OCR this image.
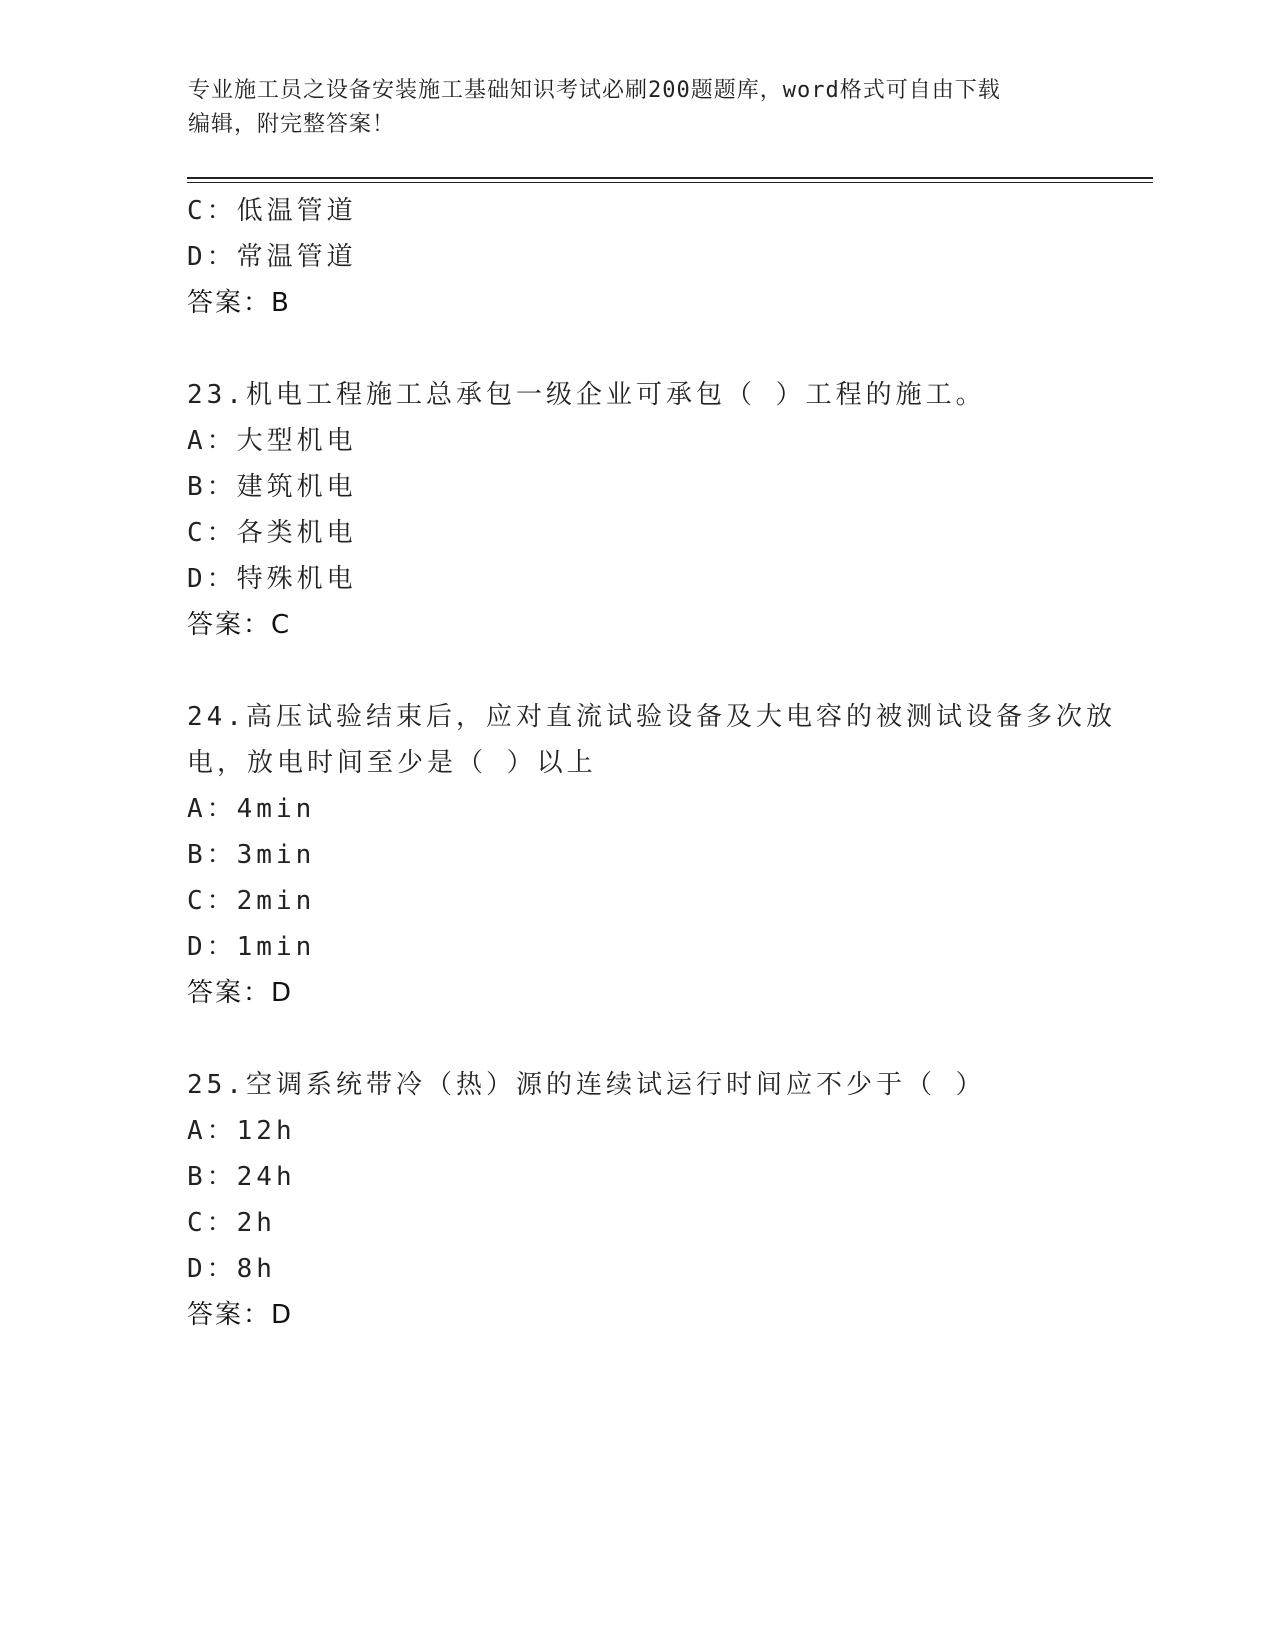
专业施工员之设备安装施工基础知识考试必刷200题题库，word格式可自由下载
编辑，附完整答案！
C：低温管道
D：常温管道
答案：B
23.机电工程施工总承包一级企业可承包（ ）工程的施工。
A：大型机电
B：建筑机电
C：各类机电
D：特殊机电
答案：C
24.高压试验结束后，应对直流试验设备及大电容的被测试设备多次放
电，放电时间至少是（ ）以上
A：4min
B：3min
C：2min
D：1min
答案：D
25.空调系统带冷（热）源的连续试运行时间应不少于（ ）
A：12h
B：24h
C：2h
D：8h
答案：D
